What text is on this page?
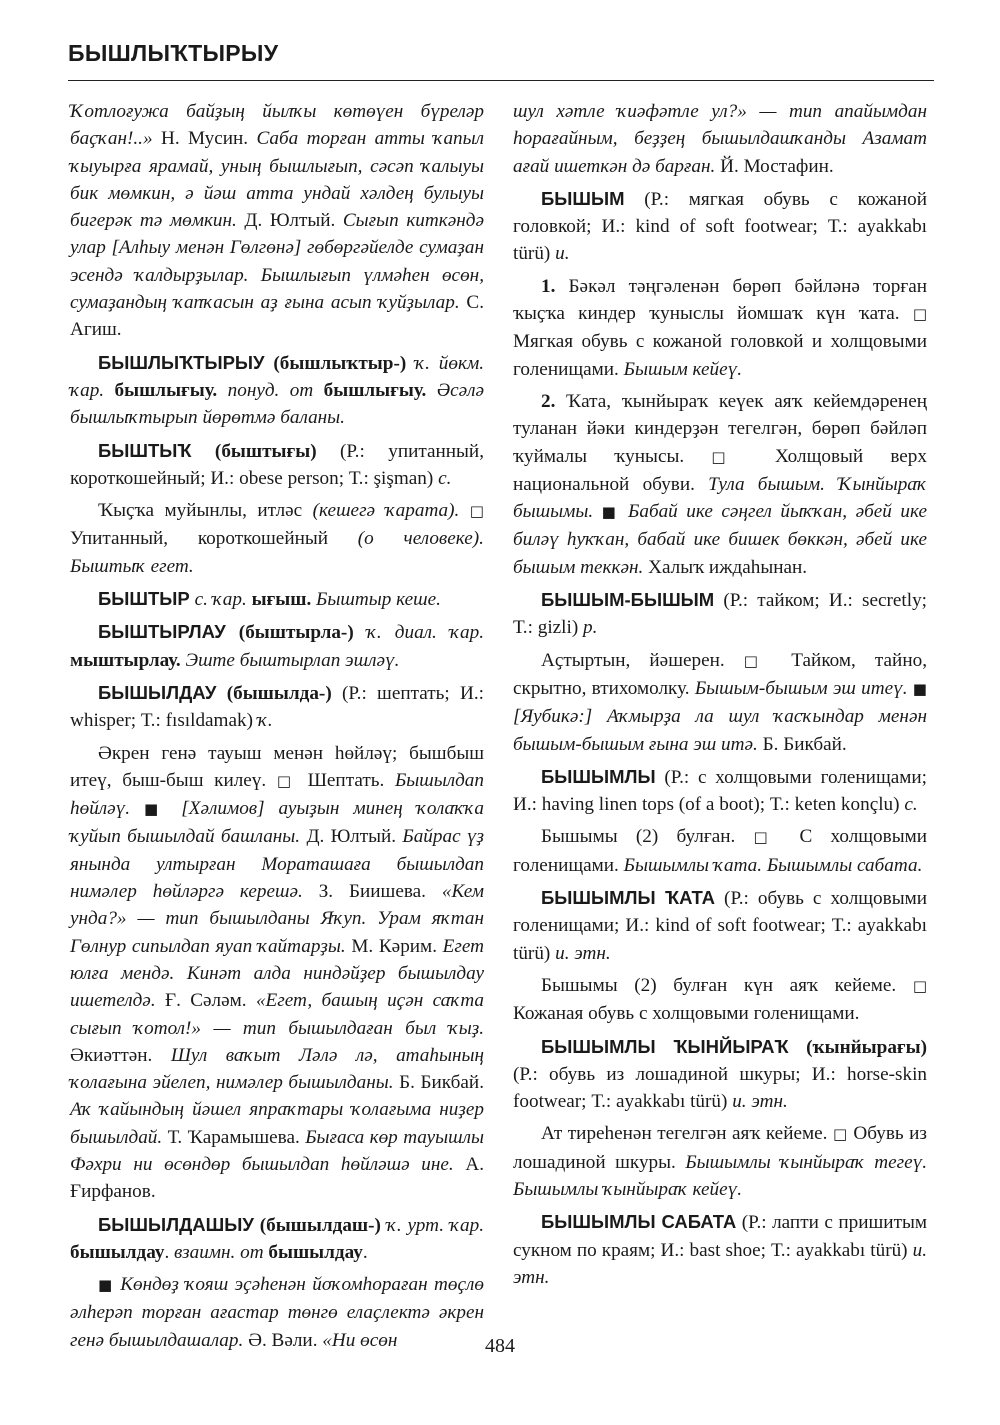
БЫШЛЫҠТЫРЫУ

Ҡотлоғужа байҙың йылҡы көтөүен бүреләр баҫҡан!..» Н. Мусин. Саба торған атты ҡапыл ҡыуырға ярамай, уның бышлығып, сәсәп ҡалыуы бик мөмкин, ә йәш атта ундай хәлдең булыуы бигерәк тә мөмкин. Д. Юлтый. Сығып киткәндә улар [Алһыу менән Гөлгөнә] гөбөргәйелде сумаҙан эсендә ҡалдырҙылар. Бышлығып үлмәһен өсөн, сумаҙандың ҡапҡасын аҙ ғына асып ҡуйҙылар. С. Агиш.

БЫШЛЫҠТЫРЫУ (бышлыҡтыр-) ҡ. йөкм. ҡар. бышлығыу. понуд. от бышлығыу. Әсәлә бышлыҡтырып йөрөтмә баланы.

БЫШТЫҠ (быштығы) (Р.: упитанный, короткошейный; И.: obese person; Т.: şişman) с.

Ҡыҫҡа муйынлы, итләс (кешегә ҡарата). □ Упитанный, короткошейный (о человеке). Быштыҡ егет.

БЫШТЫР с. ҡар. ығыш. Быштыр кеше.

БЫШТЫРЛАУ (быштырла-) ҡ. диал. ҡар. мыштырлау. Эште быштырлап эшләү.

БЫШЫЛДАУ (бышылда-) (Р.: шептать; И.: whisper; Т.: fısıldamak) ҡ.

Әкрен генә тауыш менән һөйләү; бышбыш итеү, быш-быш килеү. □ Шептать. Бышылдап һөйләү. ■ [Хәлимов] ауыҙын минең ҡолаҡҡа ҡуйып бышылдай башланы. Д. Юлтый. Байрас үҙ янында ултырған Мораташаға бышылдап нимәлер һөйләргә керешә. З. Биишева. «Кем унда?» — тип бышылданы Яҡуп. Урам яҡтан Гөлнур сипылдап яуап ҡайтарҙы. М. Кәрим. Егет юлға мендә. Кинәт алда ниндәйҙер бышылдау ишетелдә. Ғ. Сәләм. «Егет, башың иҫән саҡта сығып ҡотол!» — тип бышылдаған был ҡыҙ. Әкиәттән. Шул ваҡыт Ләлә лә, атаһының ҡолағына эйелеп, нимәлер бышылданы. Б. Бикбай. Аҡ ҡайындың йәшел япраҡтары ҡолағыма ниҙер бышылдай. Т. Ҡарамышева. Бығаса көр тауышлы Фәхри ни өсөндөр бышылдап һөйләшә ине. А. Ғирфанов.

БЫШЫЛДАШЫУ (бышылдаш-) ҡ. урт. ҡар. бышылдау. взаимн. от бышылдау.

■ Көндөҙ ҡояш эҫәһенән йоҡомһораған төҫлө әлһерәп торған ағастар төнгө елаҫлектә әкрен генә бышылдашалар. Ә. Вәли. «Ни өсөн

шул хәтле ҡиәфәтле ул?» — тип апайымдан һорағайным, беҙҙең бышылдашҡанды Азамат ағай ишеткән дә барған. Й. Мостафин.

БЫШЫМ (Р.: мягкая обувь с кожаной головкой; И.: kind of soft footwear; Т.: ayakkabı türü) и.

1. Бәкәл тәңгәленән бөрөп бәйләнә торған ҡыҫҡа киндер ҡуныслы йомшаҡ күн ҡата. □ Мягкая обувь с кожаной головкой и холщовыми голенищами. Бышым кейеү.

2. Ҡата, ҡынйыраҡ кеүек аяҡ кейемдәренең туланан йәки киндерҙән тегелгән, бөрөп бәйләп ҡуймалы ҡунысы. □ Холщовый верх национальной обуви. Тула бышым. Ҡынйыраҡ бышымы. ■ Бабай ике сәңгел йыҡҡан, әбей ике биләү һуҡҡан, бабай ике бишек бөккән, әбей ике бышым теккән. Халыҡ иждаһынан.

БЫШЫМ-БЫШЫМ (Р.: тайком; И.: secretly; Т.: gizli) р.

Аҫтыртын, йәшерен. □ Тайком, тайно, скрытно, втихомолку. Бышым-бышым эш итеү. ■ [Яубикә:] Аҡмырҙа ла шул ҡасҡындар менән бышым-бышым ғына эш итә. Б. Бикбай.

БЫШЫМЛЫ (Р.: с холщовыми голенищами; И.: having linen tops (of a boot); Т.: keten konçlu) с.

Бышымы (2) булған. □ С холщовыми голенищами. Бышымлы ҡата. Бышымлы сабата.

БЫШЫМЛЫ ҠАТА (Р.: обувь с холщовыми голенищами; И.: kind of soft footwear; Т.: ayakkabı türü) и. этн.

Бышымы (2) булған күн аяҡ кейеме. □ Кожаная обувь с холщовыми голенищами.

БЫШЫМЛЫ ҠЫНЙЫРАҠ (ҡынйырағы) (Р.: обувь из лошадиной шкуры; И.: horse-skin footwear; Т.: ayakkabı türü) и. этн.

Ат тиреһенән тегелгән аяҡ кейеме. □ Обувь из лошадиной шкуры. Бышымлы ҡынйыраҡ тегеү. Бышымлы ҡынйыраҡ кейеү.

БЫШЫМЛЫ САБАТА (Р.: лапти с пришитым сукном по краям; И.: bast shoe; Т.: ayakkabı türü) и. этн.

484
